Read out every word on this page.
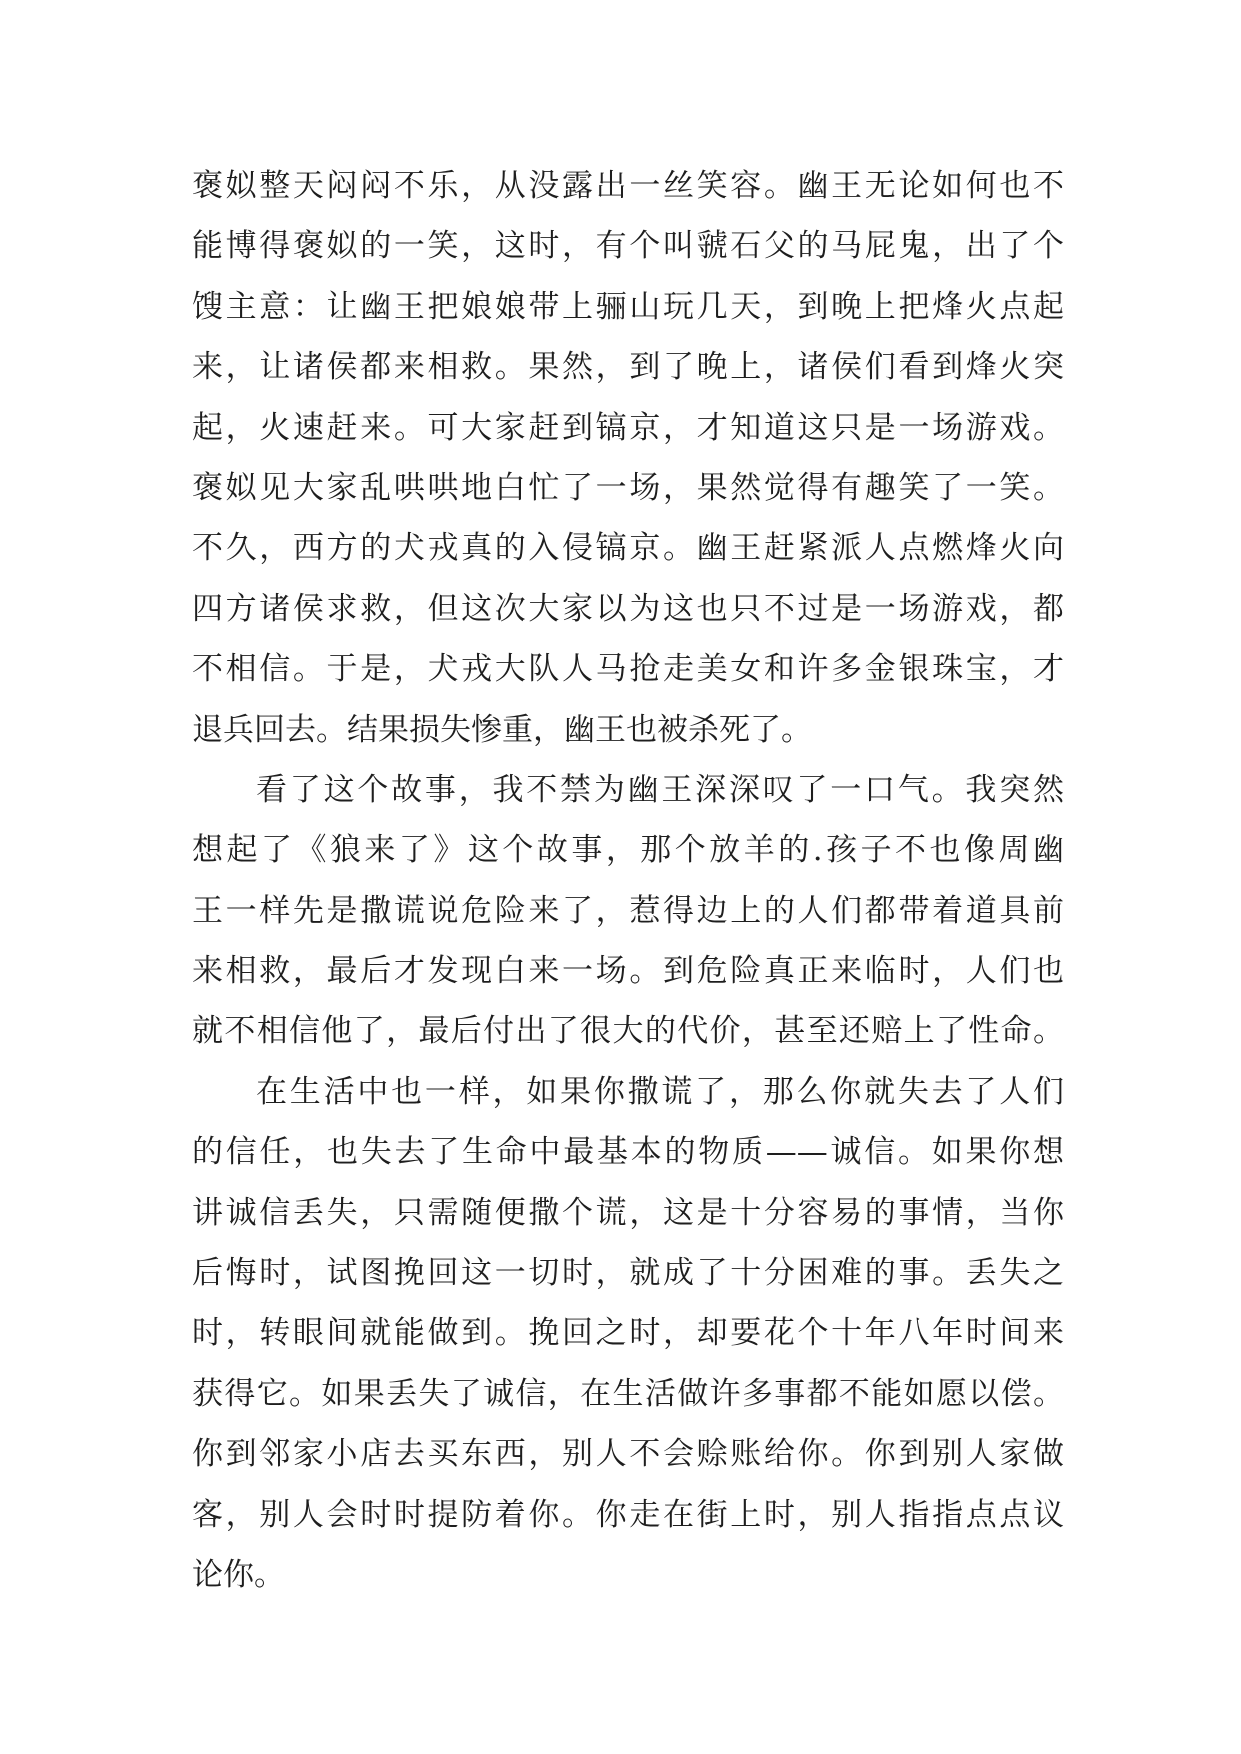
褒姒整天闷闷不乐，从没露出一丝笑容。幽王无论如何也不
能博得褒姒的一笑，这时，有个叫虢石父的马屁鬼，出了个
馊主意：让幽王把娘娘带上骊山玩几天，到晚上把烽火点起
来，让诸侯都来相救。果然，到了晚上，诸侯们看到烽火突
起，火速赶来。可大家赶到镐京，才知道这只是一场游戏。
褒姒见大家乱哄哄地白忙了一场，果然觉得有趣笑了一笑。
不久，西方的犬戎真的入侵镐京。幽王赶紧派人点燃烽火向
四方诸侯求救，但这次大家以为这也只不过是一场游戏，都
不相信。于是，犬戎大队人马抢走美女和许多金银珠宝，才
退兵回去。结果损失惨重，幽王也被杀死了。
看了这个故事，我不禁为幽王深深叹了一口气。我突然
想起了《狼来了》这个故事，那个放羊的.孩子不也像周幽
王一样先是撒谎说危险来了，惹得边上的人们都带着道具前
来相救，最后才发现白来一场。到危险真正来临时，人们也
就不相信他了，最后付出了很大的代价，甚至还赔上了性命。
在生活中也一样，如果你撒谎了，那么你就失去了人们
的信任，也失去了生命中最基本的物质——诚信。如果你想
讲诚信丢失，只需随便撒个谎，这是十分容易的事情，当你
后悔时，试图挽回这一切时，就成了十分困难的事。丢失之
时，转眼间就能做到。挽回之时，却要花个十年八年时间来
获得它。如果丢失了诚信，在生活做许多事都不能如愿以偿。
你到邻家小店去买东西，别人不会赊账给你。你到别人家做
客，别人会时时提防着你。你走在街上时，别人指指点点议
论你。
